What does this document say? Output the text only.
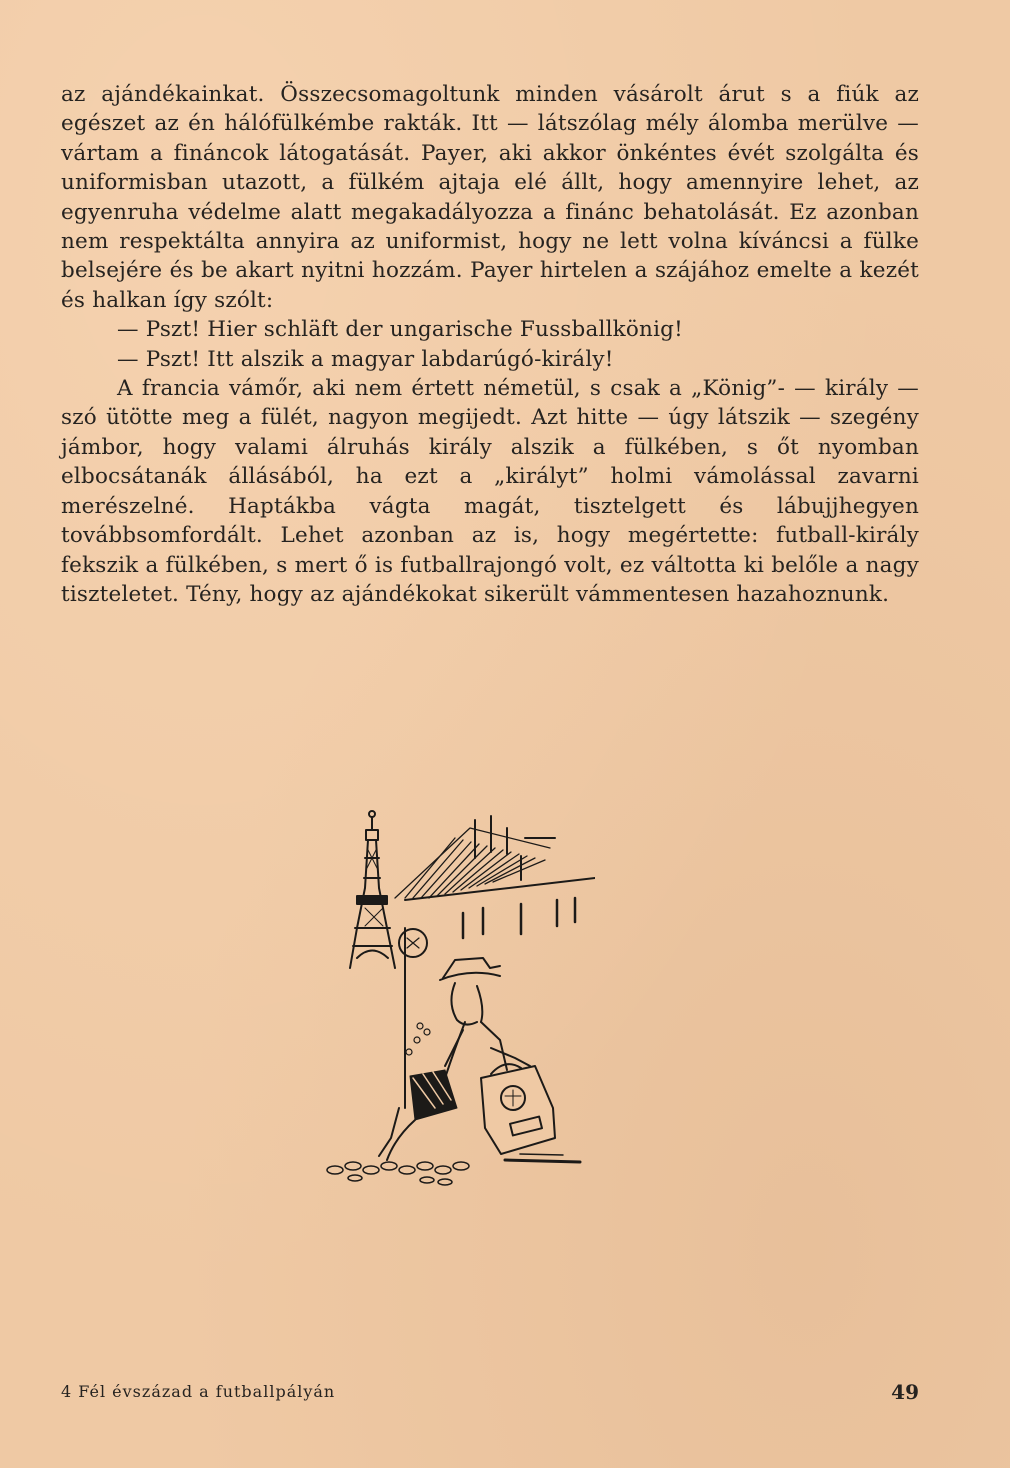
az ajándékainkat. Összecsomagoltunk minden vásárolt árut s a fiúk az egészet az én hálófülkémbe rakták. Itt — látszólag mély álomba merülve — vártam a fináncok látogatását. Payer, aki akkor önkéntes évét szolgálta és uniformisban utazott, a fülkém ajtaja elé állt, hogy amennyire lehet, az egyenruha védelme alatt megakadályozza a finánc behatolását. Ez azonban nem respektálta annyira az uniformist, hogy ne lett volna kíváncsi a fülke belsejére és be akart nyitni hozzám. Payer hirtelen a szájához emelte a kezét és halkan így szólt:

— Pszt! Hier schläft der ungarische Fussballkönig!

— Pszt! Itt alszik a magyar labdarúgó-király!

A francia vámőr, aki nem értett németül, s csak a „König”- — király — szó ütötte meg a fülét, nagyon megijedt. Azt hitte — úgy látszik — szegény jámbor, hogy valami álruhás király alszik a fülkében, s őt nyomban elbocsátanák állásából, ha ezt a „királyt” holmi vámolással zavarni merészelné. Haptákba vágta magát, tisztelgett és lábujjhegyen továbbsomfordált. Lehet azonban az is, hogy megértette: futball-király fekszik a fülkében, s mert ő is futballrajongó volt, ez váltotta ki belőle a nagy tiszteletet. Tény, hogy az ajándékokat sikerült vámmentesen hazahoznunk.

4 Fél évszázad a futballpályán	49
